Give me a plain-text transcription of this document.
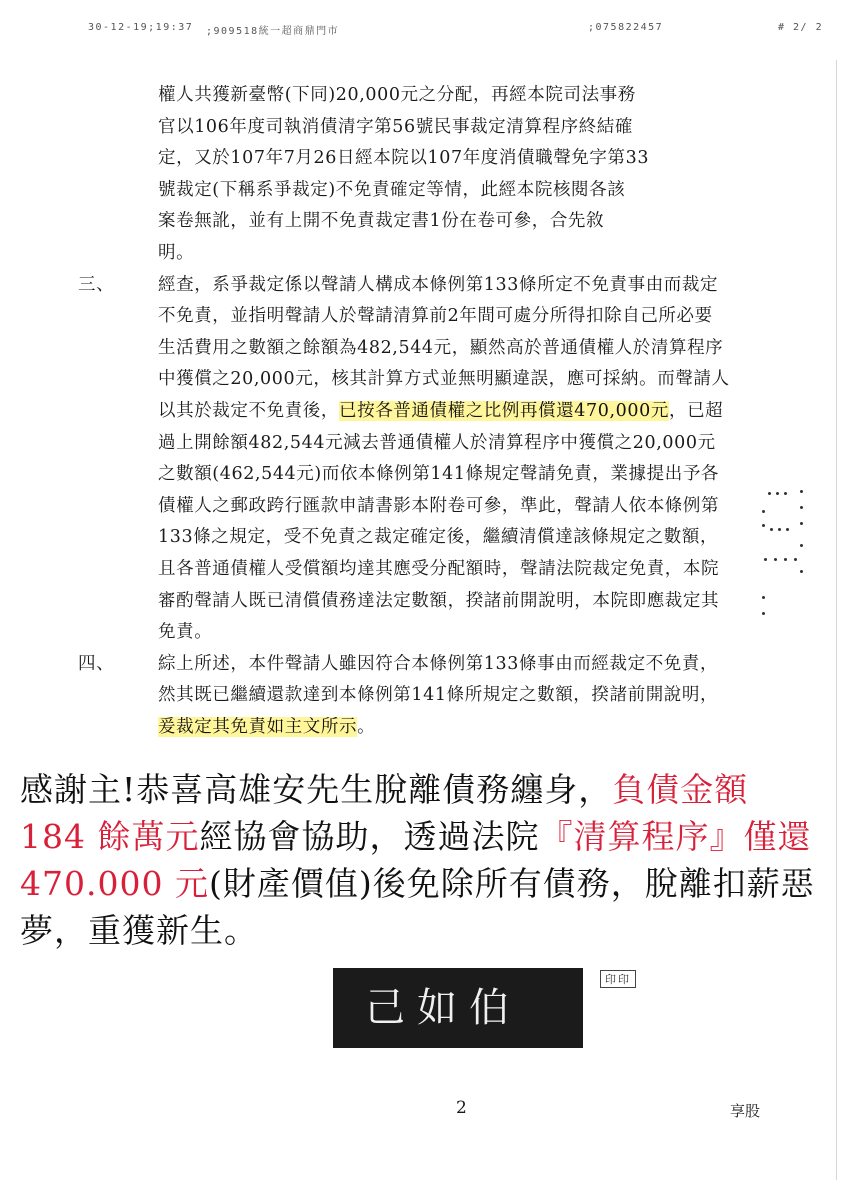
30-12-19;19:37 ;909518統一超商鼎門市	;075822457	# 2/ 2
權人共獲新臺幣(下同)20,000元之分配，再經本院司法事務
官以106年度司執消債清字第56號民事裁定清算程序終結確
定，又於107年7月26日經本院以107年度消債職聲免字第33
號裁定(下稱系爭裁定)不免責確定等情，此經本院核閱各該
案卷無訛，並有上開不免責裁定書1份在卷可參，合先敘
明。
三、	經查，系爭裁定係以聲請人構成本條例第133條所定不免責事由而裁定不免責，並指明聲請人於聲請清算前2年間可處分所得扣除自己所必要生活費用之數額之餘額為482,544元，顯然高於普通債權人於清算程序中獲償之20,000元，核其計算方式並無明顯違誤，應可採納。而聲請人以其於裁定不免責後，已按各普通債權之比例再償還470,000元，已超過上開餘額482,544元減去普通債權人於清算程序中獲償之20,000元之數額(462,544元)而依本條例第141條規定聲請免責，業據提出予各債權人之郵政跨行匯款申請書影本附卷可參，準此，聲請人依本條例第133條之規定，受不免責之裁定確定後，繼續清償達該條規定之數額，且各普通債權人受償額均達其應受分配額時，聲請法院裁定免責，本院審酌聲請人既已清償債務達法定數額，揆諸前開說明，本院即應裁定其免責。
四、	綜上所述，本件聲請人雖因符合本條例第133條事由而經裁定不免責，然其既已繼續還款達到本條例第141條所規定之數額，揆諸前開說明，爰裁定其免責如主文所示。
感謝主!恭喜高雄安先生脫離債務纏身，負債金額 184 餘萬元經協會協助，透過法院『清算程序』僅還 470.000 元(財產價值)後免除所有債務，脫離扣薪惡夢，重獲新生。
己如伯
印印
2	享股
